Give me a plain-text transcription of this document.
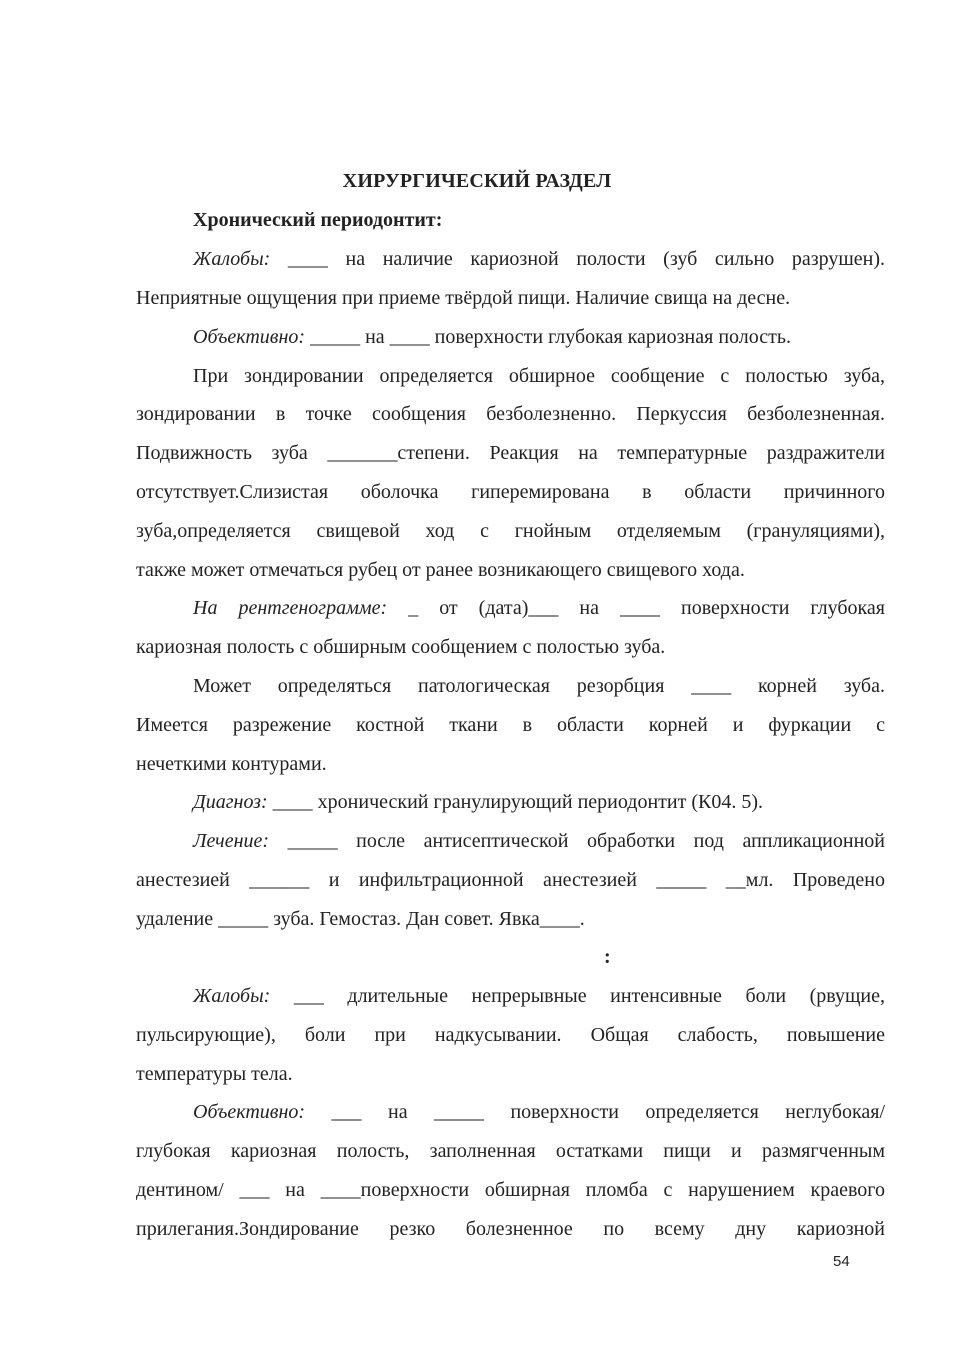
ХИРУРГИЧЕСКИЙ РАЗДЕЛ
Хронический периодонтит:
Жалобы: ____ на наличие кариозной полости (зуб сильно разрушен).
Неприятные ощущения при приеме твёрдой пищи. Наличие свища на десне.
Объективно: _____ на ____ поверхности глубокая кариозная полость.
При зондировании определяется обширное сообщение с полостью зуба,
зондировании в точке сообщения безболезненно. Перкуссия безболезненная.
Подвижность зуба _______степени. Реакция на температурные раздражители
отсутствует.Слизистая оболочка гиперемирована в области причинного
зуба,определяется свищевой ход с гнойным отделяемым (грануляциями),
также может отмечаться рубец от ранее возникающего свищевого хода.
На рентгенограмме: _ от (дата)___ на ____ поверхности глубокая
кариозная полость с обширным сообщением с полостью зуба.
Может определяться патологическая резорбция ____ корней зуба.
Имеется разрежение костной ткани в области корней и фуркации с
нечеткими контурами.
Диагноз: ____ хронический гранулирующий периодонтит (К04. 5).
Лечение: _____ после антисептической обработки под аппликационной
анестезией ______ и инфильтрационной анестезией _____ __мл. Проведено
удаление _____ зуба. Гемостаз. Дан совет. Явка____.
:
Жалобы: ___ длительные непрерывные интенсивные боли (рвущие,
пульсирующие), боли при надкусывании. Общая слабость, повышение
температуры тела.
Объективно: ___ на _____ поверхности определяется неглубокая/
глубокая кариозная полость, заполненная остатками пищи и размягченным
дентином/ ___ на ____поверхности обширная пломба с нарушением краевого
прилегания.Зондирование резко болезненное по всему дну кариозной
54
